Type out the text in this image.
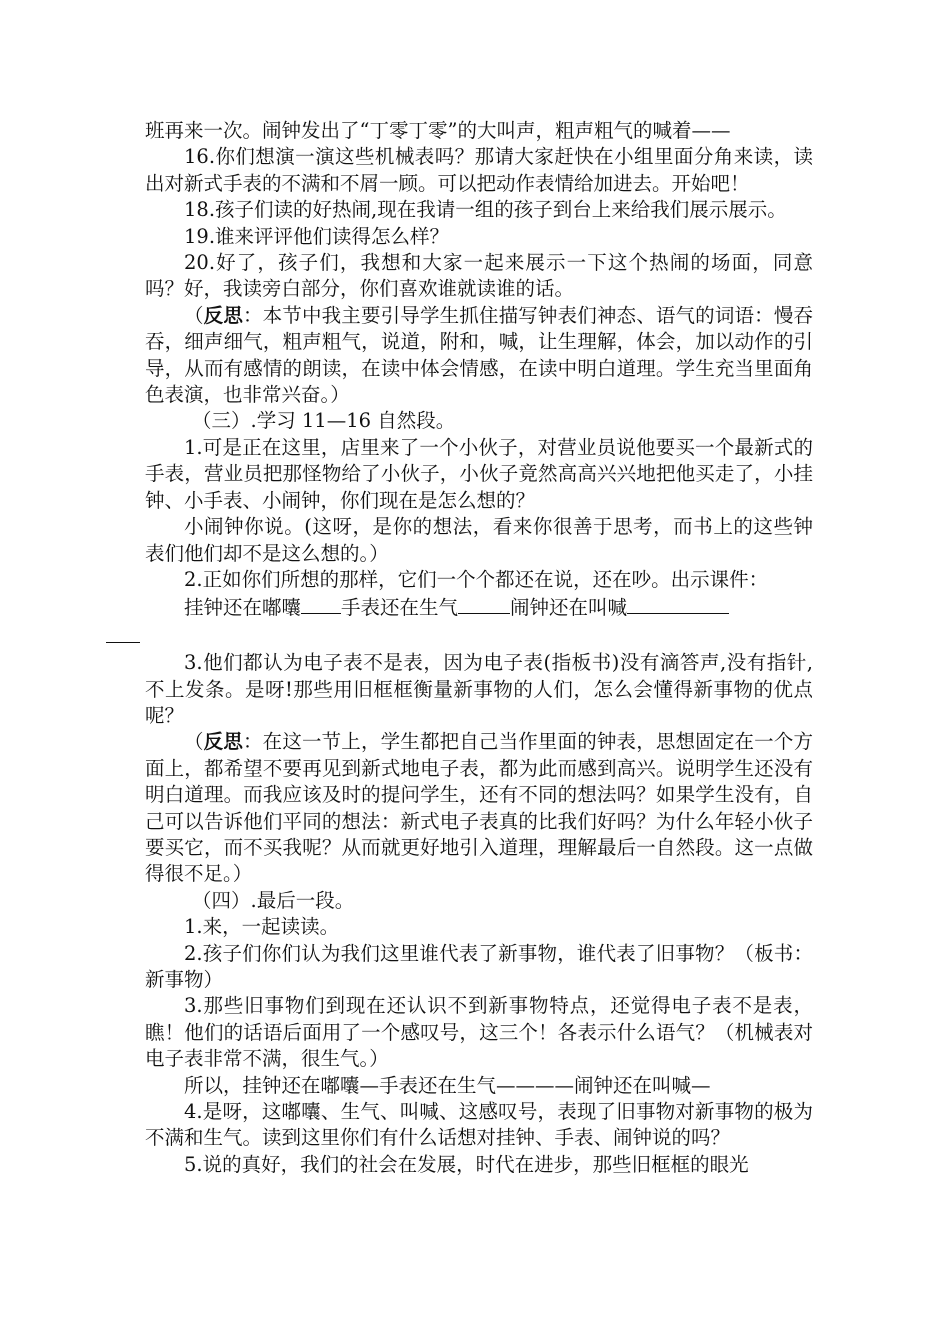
班再来一次。闹钟发出了“丁零丁零”的大叫声，粗声粗气的喊着——

16.你们想演一演这些机械表吗？那请大家赶快在小组里面分角来读，读出对新式手表的不满和不屑一顾。可以把动作表情给加进去。开始吧！

18.孩子们读的好热闹,现在我请一组的孩子到台上来给我们展示展示。

19.谁来评评他们读得怎么样？

20.好了，孩子们，我想和大家一起来展示一下这个热闹的场面，同意吗？好，我读旁白部分，你们喜欢谁就读谁的话。

（反思：本节中我主要引导学生抓住描写钟表们神态、语气的词语：慢吞吞，细声细气，粗声粗气，说道，附和，喊，让生理解，体会，加以动作的引导，从而有感情的朗读，在读中体会情感，在读中明白道理。学生充当里面角色表演，也非常兴奋。）

（三）.学习 11—16 自然段。

1.可是正在这里，店里来了一个小伙子，对营业员说他要买一个最新式的手表，营业员把那怪物给了小伙子，小伙子竟然高高兴兴地把他买走了，小挂钟、小手表、小闹钟，你们现在是怎么想的？

小闹钟你说。(这呀，是你的想法，看来你很善于思考，而书上的这些钟表们他们却不是这么想的。）

2.正如你们所想的那样，它们一个个都还在说，还在吵。出示课件：

挂钟还在嘟囔 手表还在生气	闹钟还在叫喊

3.他们都认为电子表不是表，因为电子表(指板书)没有滴答声,没有指针,不上发条。是呀!那些用旧框框衡量新事物的人们，怎么会懂得新事物的优点呢？

（反思：在这一节上，学生都把自己当作里面的钟表，思想固定在一个方面上，都希望不要再见到新式地电子表，都为此而感到高兴。说明学生还没有明白道理。而我应该及时的提问学生，还有不同的想法吗？如果学生没有，自己可以告诉他们平同的想法：新式电子表真的比我们好吗？为什么年轻小伙子要买它，而不买我呢？从而就更好地引入道理，理解最后一自然段。这一点做得很不足。）

（四）.最后一段。

1.来，一起读读。

2.孩子们你们认为我们这里谁代表了新事物，谁代表了旧事物？（板书：新事物）

3.那些旧事物们到现在还认识不到新事物特点，还觉得电子表不是表，瞧！他们的话语后面用了一个感叹号，这三个！各表示什么语气？（机械表对电子表非常不满，很生气。）

所以，挂钟还在嘟囔—手表还在生气————闹钟还在叫喊—

4.是呀，这嘟囔、生气、叫喊、这感叹号，表现了旧事物对新事物的极为不满和生气。读到这里你们有什么话想对挂钟、手表、闹钟说的吗？

5.说的真好，我们的社会在发展，时代在进步，那些旧框框的眼光
